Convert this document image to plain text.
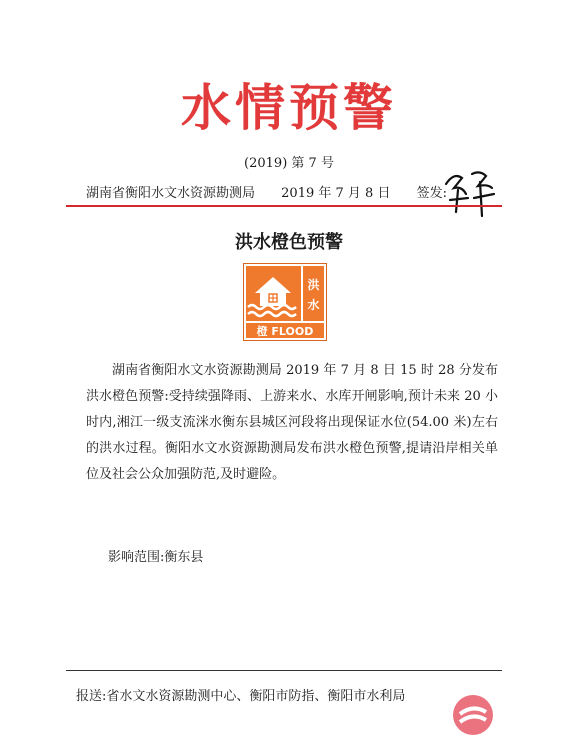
水情预警
(2019) 第 7 号
湖南省衡阳水文水资源勘测局 2019 年 7 月 8 日 签发:
洪水橙色预警
洪
水
橙 FLOOD

湖南省衡阳水文水资源勘测局 2019 年 7 月 8 日 15 时 28 分发布洪水橙色预警:受持续强降雨、上游来水、水库开闸影响,预计未来 20 小时内,湘江一级支流洣水衡东县城区河段将出现保证水位(54.00 米)左右的洪水过程。衡阳水文水资源勘测局发布洪水橙色预警,提请沿岸相关单位及社会公众加强防范,及时避险。

影响范围:衡东县
报送:省水文水资源勘测中心、衡阳市防指、衡阳市水利局
